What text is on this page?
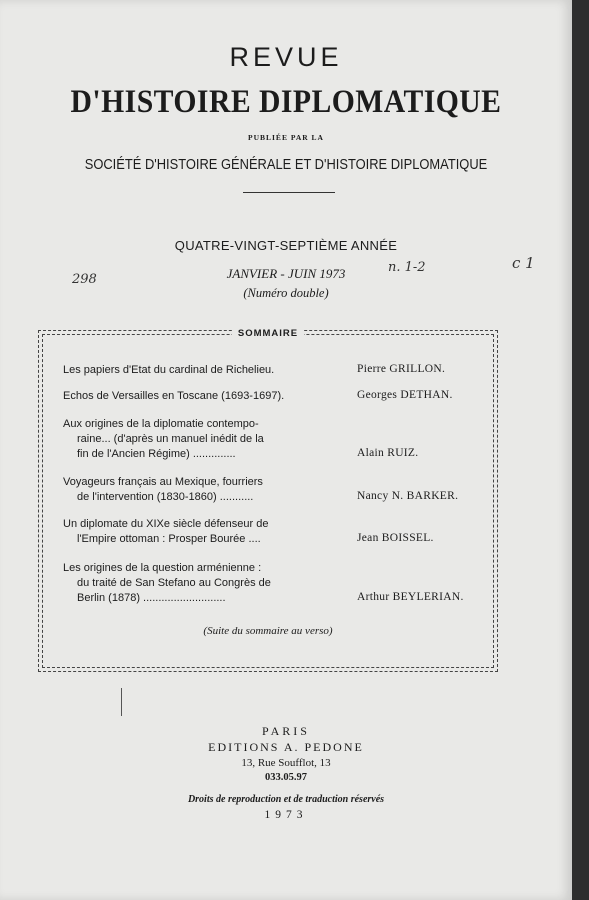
REVUE
D'HISTOIRE DIPLOMATIQUE
PUBLIÉE PAR LA
SOCIÉTÉ D'HISTOIRE GÉNÉRALE ET D'HISTOIRE DIPLOMATIQUE
QUATRE-VINGT-SEPTIÈME ANNÉE
JANVIER - JUIN 1973
(Numéro double)
298
n. 1-2	c 1
SOMMAIRE
Les papiers d'Etat du cardinal de Richelieu.	Pierre GRILLON.
Echos de Versailles en Toscane (1693-1697).	Georges DETHAN.
Aux origines de la diplomatie contempo-
raine... (d'après un manuel inédit de la
fin de l'Ancien Régime) ..............	Alain RUIZ.
Voyageurs français au Mexique, fourriers
de l'intervention (1830-1860) ...........	Nancy N. BARKER.
Un diplomate du XIXe siècle défenseur de
l'Empire ottoman : Prosper Bourée ....	Jean BOISSEL.
Les origines de la question arménienne :
du traité de San Stefano au Congrès de
Berlin (1878) ...........................	Arthur BEYLERIAN.
(Suite du sommaire au verso)
PARIS
EDITIONS A. PEDONE
13, Rue Soufflot, 13
033.05.97
Droits de reproduction et de traduction réservés
1973
